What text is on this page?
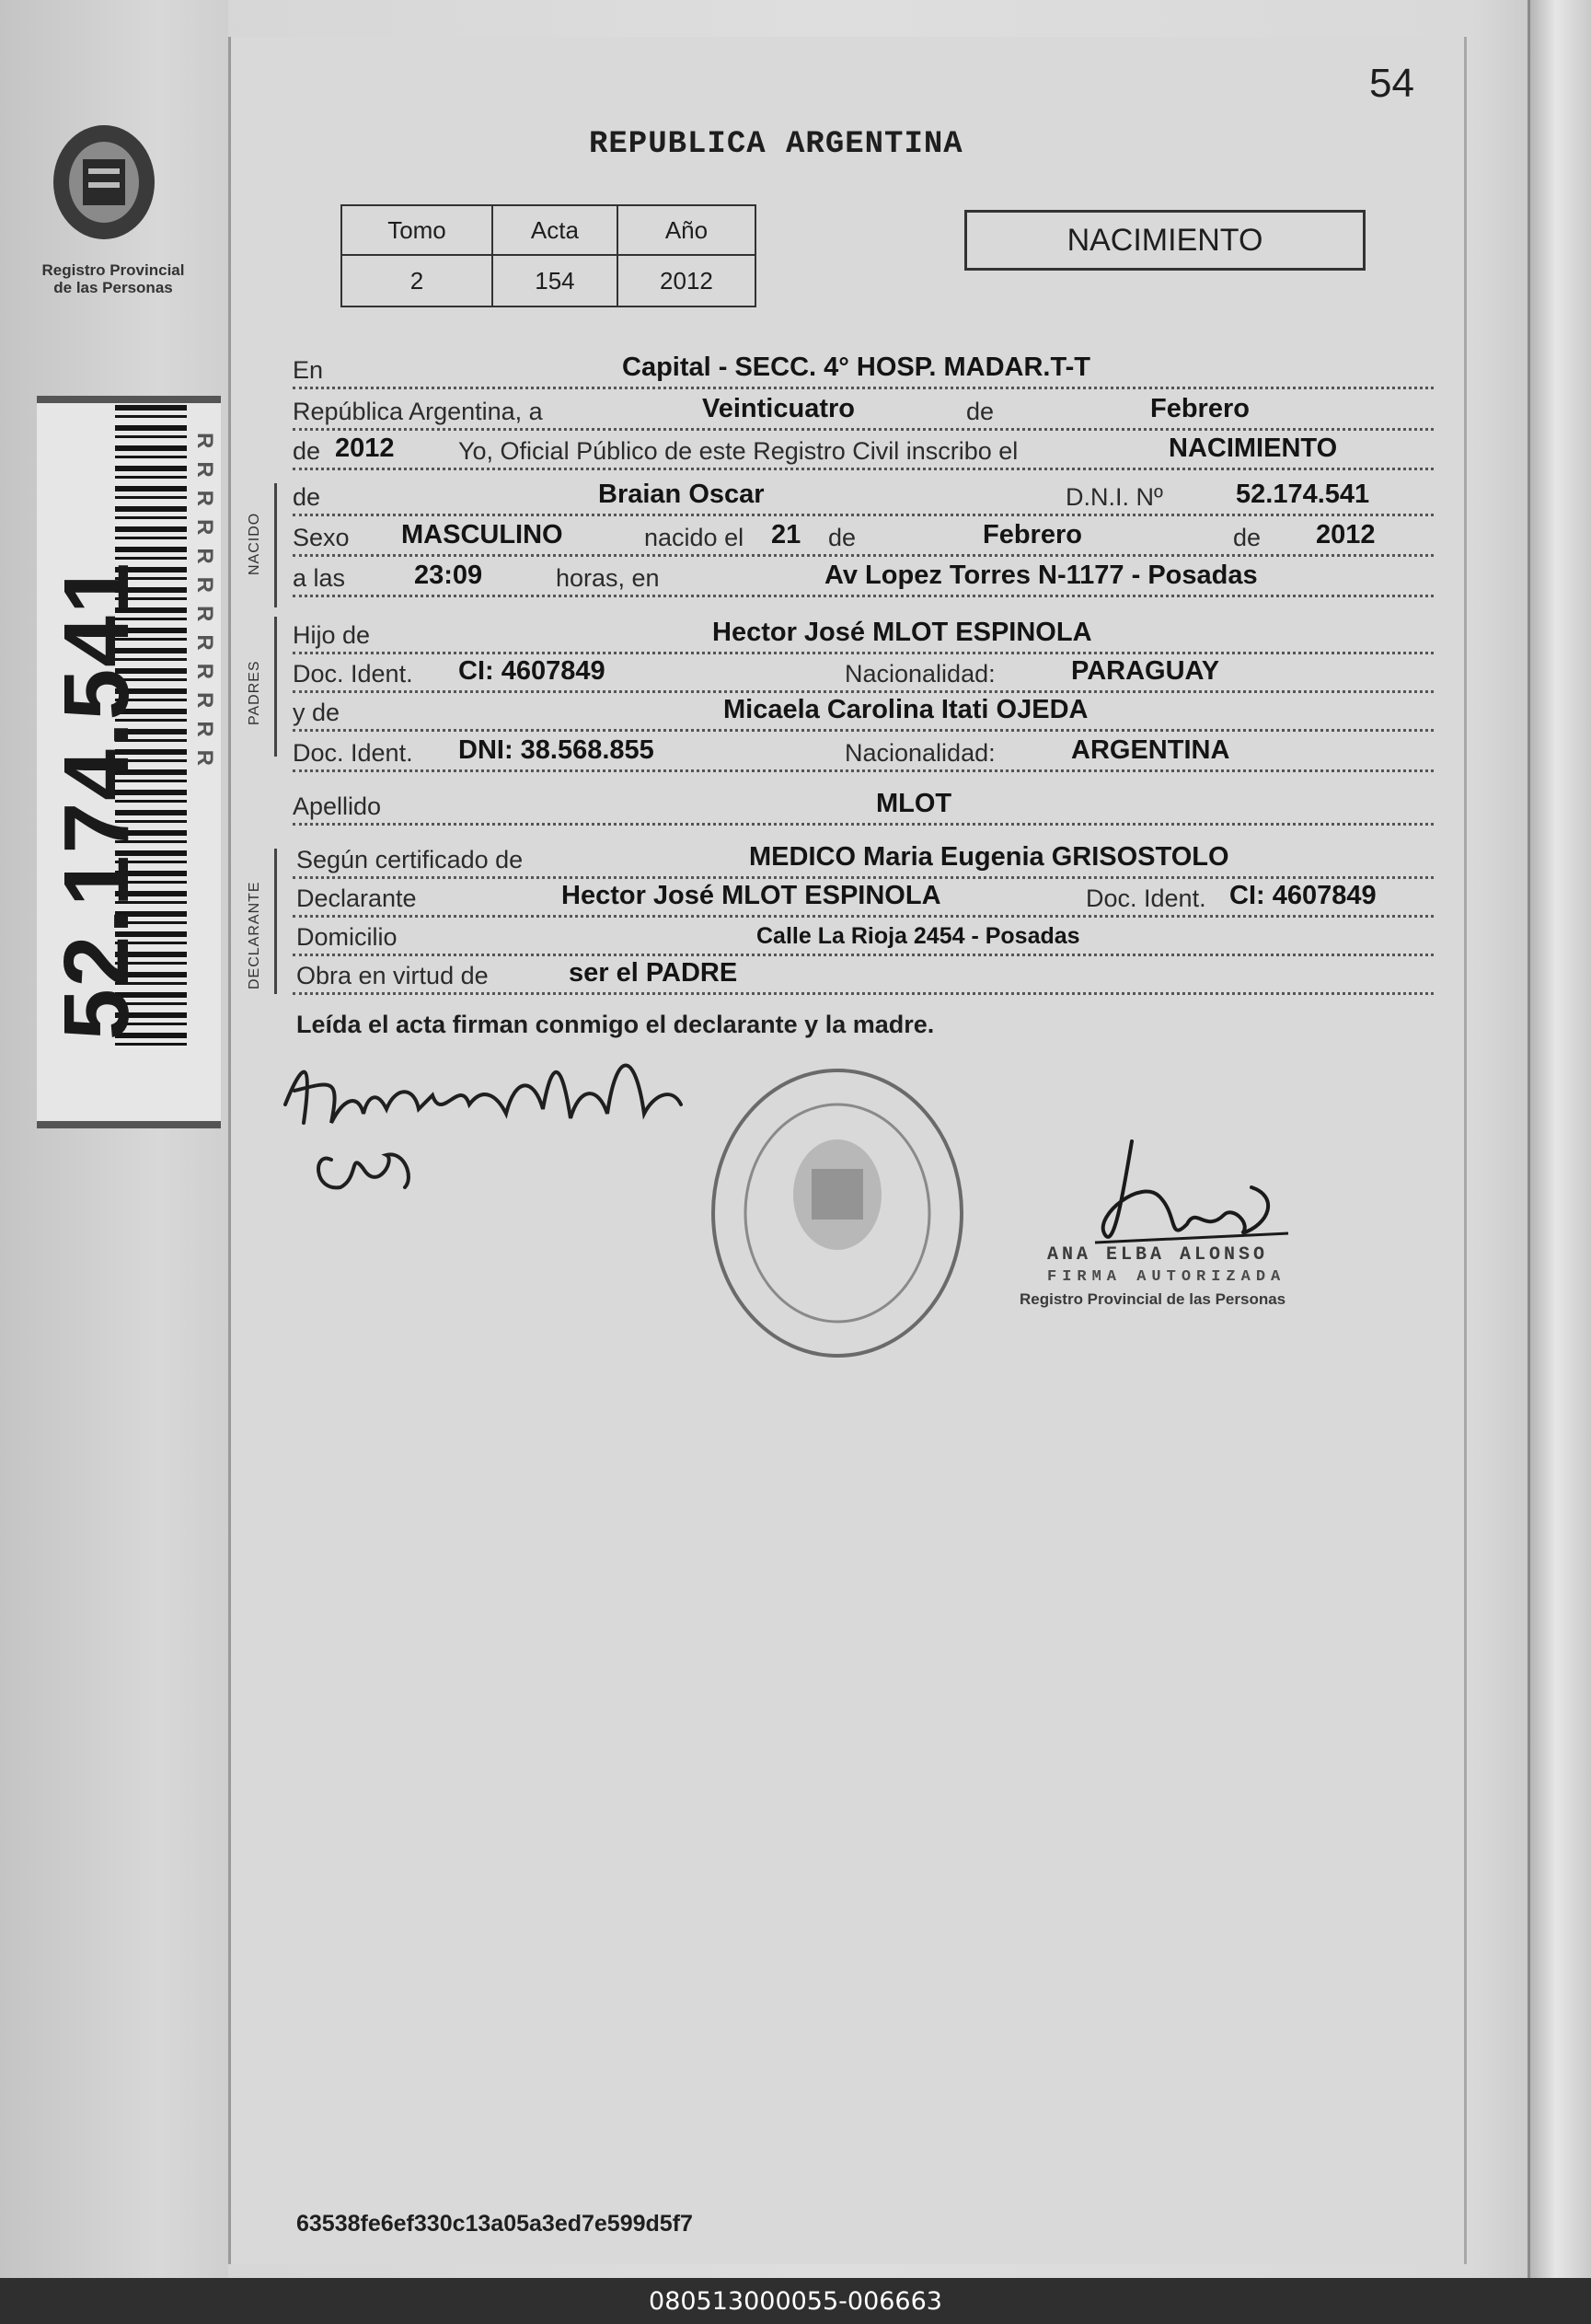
Registro Provincial de las Personas
RRRRRRRRRRRR
52.174.541
54
REPUBLICA ARGENTINA
Tomo	Acta	Año
2	154	2012
NACIMIENTO
En	Capital - SECC. 4° HOSP. MADAR.T-T
República Argentina, a	Veinticuatro	de	Febrero
de 2012	Yo, Oficial Público de este Registro Civil inscribo el	NACIMIENTO
NACIDO
de	Braian Oscar	D.N.I. Nº	52.174.541
Sexo MASCULINO	nacido el 21 de	Febrero	de 2012
a las	23:09	horas, en	Av Lopez Torres N-1177 - Posadas
PADRES
Hijo de	Hector José MLOT ESPINOLA
Doc. Ident. CI: 4607849	Nacionalidad:	PARAGUAY
y de	Micaela Carolina Itati OJEDA
Doc. Ident. DNI: 38.568.855	Nacionalidad:	ARGENTINA
Apellido	MLOT
DECLARANTE
Según certificado de	MEDICO Maria Eugenia GRISOSTOLO
Declarante	Hector José MLOT ESPINOLA	Doc. Ident. CI: 4607849
Domicilio	Calle La Rioja 2454 - Posadas
Obra en virtud de	ser el PADRE
Leída el acta firman conmigo el declarante y la madre.
ANA ELBA ALONSO
FIRMA AUTORIZADA
Registro Provincial de las Personas
63538fe6ef330c13a05a3ed7e599d5f7
080513000055-006663
